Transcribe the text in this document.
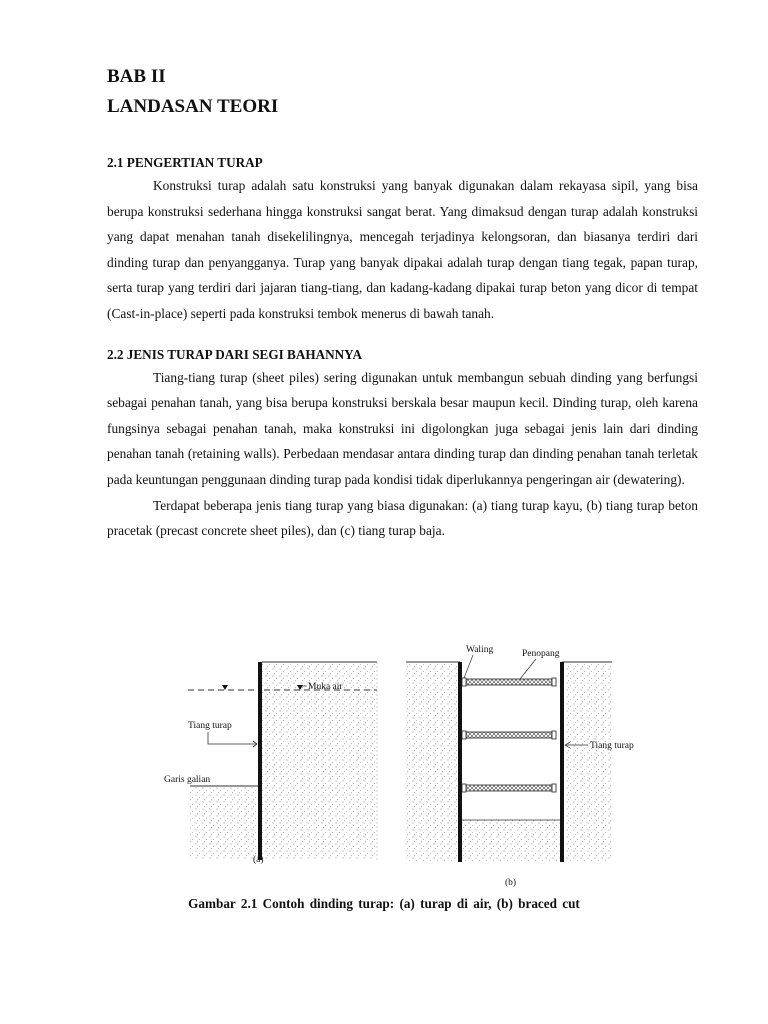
BAB II
LANDASAN TEORI
2.1 PENGERTIAN TURAP

Konstruksi turap adalah satu konstruksi yang banyak digunakan dalam rekayasa sipil, yang bisa berupa konstruksi sederhana hingga konstruksi sangat berat. Yang dimaksud dengan turap adalah konstruksi yang dapat menahan tanah disekelilingnya, mencegah terjadinya kelongsoran, dan biasanya terdiri dari dinding turap dan penyangganya. Turap yang banyak dipakai adalah turap dengan tiang tegak, papan turap, serta turap yang terdiri dari jajaran tiang-tiang, dan kadang-kadang dipakai turap beton yang dicor di tempat (Cast-in-place) seperti pada konstruksi tembok menerus di bawah tanah.

2.2 JENIS TURAP DARI SEGI BAHANNYA

Tiang-tiang turap (sheet piles) sering digunakan untuk membangun sebuah dinding yang berfungsi sebagai penahan tanah, yang bisa berupa konstruksi berskala besar maupun kecil. Dinding turap, oleh karena fungsinya sebagai penahan tanah, maka konstruksi ini digolongkan juga sebagai jenis lain dari dinding penahan tanah (retaining walls). Perbedaan mendasar antara dinding turap dan dinding penahan tanah terletak pada keuntungan penggunaan dinding turap pada kondisi tidak diperlukannya pengeringan air (dewatering).

Terdapat beberapa jenis tiang turap yang biasa digunakan: (a) tiang turap kayu, (b) tiang turap beton pracetak (precast concrete sheet piles), dan (c) tiang turap baja.

Muka air
Tiang turap
Garis galian
(a)
Waling	Penopang
Tiang turap
(b)
Gambar 2.1 Contoh dinding turap: (a) turap di air, (b) braced cut
